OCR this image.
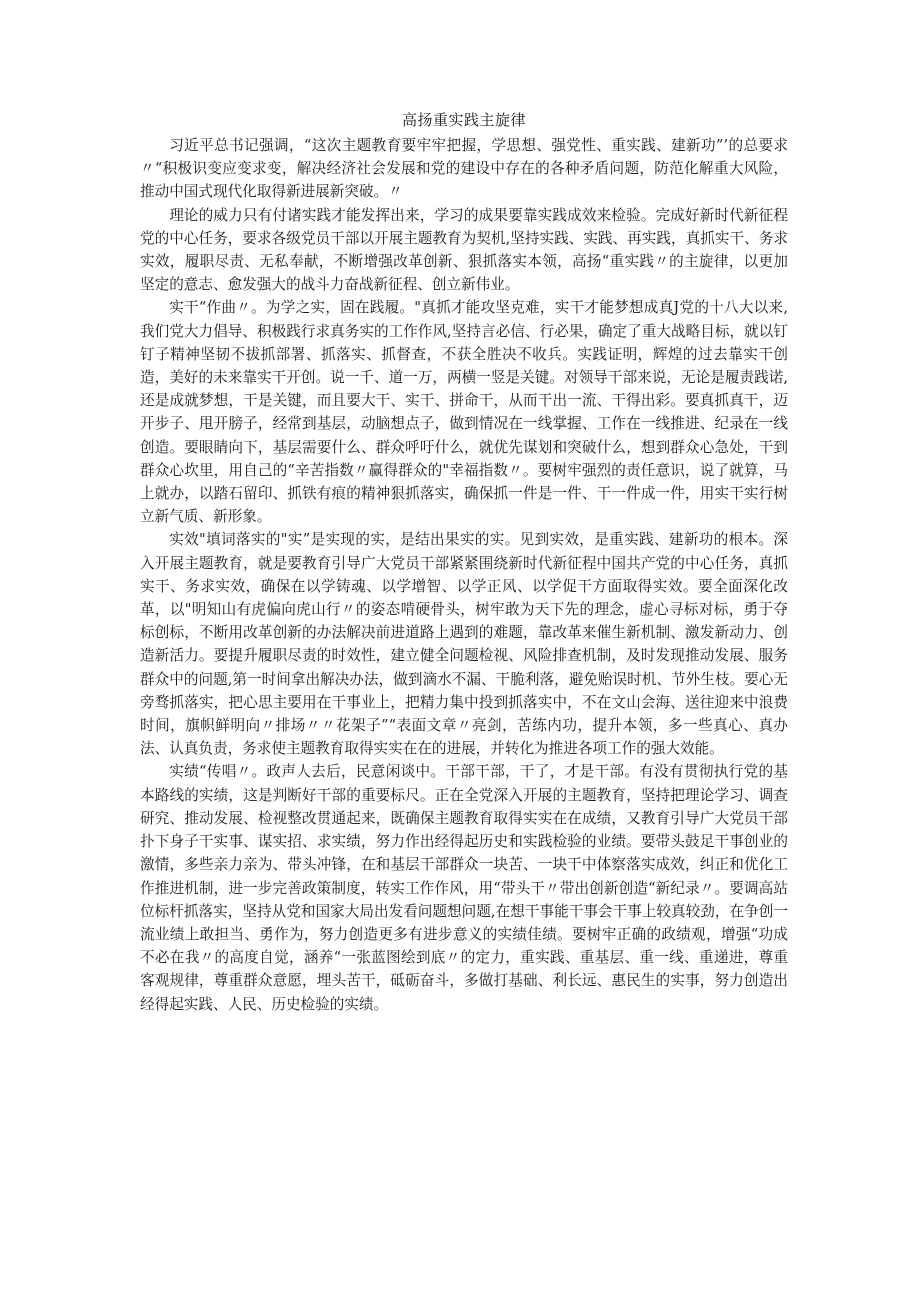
高扬重实践主旋律

习近平总书记强调，“这次主题教育要牢牢把握，学思想、强党性、重实践、建新功”’的总要求〃“积极识变应变求变，解决经济社会发展和党的建设中存在的各种矛盾问题，防范化解重大风险，推动中国式现代化取得新进展新突破。〃

理论的威力只有付诸实践才能发挥出来，学习的成果要靠实践成效来检验。完成好新时代新征程党的中心任务，要求各级党员干部以开展主题教育为契机,坚持实践、实践、再实践，真抓实干、务求实效，履职尽责、无私奉献，不断增强改革创新、狠抓落实本领，高扬“重实践〃的主旋律，以更加坚定的意志、愈发强大的战斗力奋战新征程、创立新伟业。

实干“作曲〃。为学之实，固在践履。"真抓才能攻坚克难，实干才能梦想成真J党的十八大以来,我们党大力倡导、积极践行求真务实的工作作风,坚持言必信、行必果，确定了重大战略目标，就以钉钉子精神坚韧不拔抓部署、抓落实、抓督查，不获全胜决不收兵。实践证明，辉煌的过去靠实干创造，美好的未来靠实干开创。说一千、道一万，两横一竖是关键。对领导干部来说，无论是履责践诺,还是成就梦想，干是关键，而且要大干、实干、拼命干，从而干出一流、干得出彩。要真抓真干，迈开步子、甩开膀子，经常到基层，动脑想点子，做到情况在一线掌握、工作在一线推进、纪录在一线创造。要眼睛向下，基层需要什么、群众呼吁什么，就优先谋划和突破什么，想到群众心急处，干到群众心坎里，用自己的“辛苦指数〃赢得群众的"幸福指数〃。要树牢强烈的责任意识，说了就算，马上就办，以踏石留印、抓铁有痕的精神狠抓落实，确保抓一件是一件、干一件成一件，用实干实行树立新气质、新形象。

实效"填词落实的"实”是实现的实，是结出果实的实。见到实效，是重实践、建新功的根本。深入开展主题教育，就是要教育引导广大党员干部紧紧围绕新时代新征程中国共产党的中心任务，真抓实干、务求实效，确保在以学铸魂、以学增智、以学正风、以学促干方面取得实效。要全面深化改革，以"明知山有虎偏向虎山行〃的姿态啃硬骨头，树牢敢为天下先的理念，虚心寻标对标，勇于夺标创标，不断用改革创新的办法解决前进道路上遇到的难题，靠改革来催生新机制、激发新动力、创造新活力。要提升履职尽责的时效性，建立健全问题检视、风险排查机制，及时发现推动发展、服务群众中的问题,第一时间拿出解决办法，做到滴水不漏、干脆利落，避免贻误时机、节外生枝。要心无旁骛抓落实，把心思主要用在干事业上，把精力集中投到抓落实中，不在文山会海、送往迎来中浪费时间，旗帜鲜明向〃排场〃〃花架子”“表面文章〃亮剑，苦练内功，提升本领，多一些真心、真办法、认真负责，务求使主题教育取得实实在在的进展，并转化为推进各项工作的强大效能。

实绩“传唱〃。政声人去后，民意闲谈中。干部干部，干了，才是干部。有没有贯彻执行党的基本路线的实绩，这是判断好干部的重要标尺。正在全党深入开展的主题教育，坚持把理论学习、调查研究、推动发展、检视整改贯通起来，既确保主题教育取得实实在在成绩，又教育引导广大党员干部扑下身子干实事、谋实招、求实绩，努力作出经得起历史和实践检验的业绩。要带头鼓足干事创业的激情，多些亲力亲为、带头冲锋，在和基层干部群众一块苦、一块干中体察落实成效，纠正和优化工作推进机制，进一步完善政策制度，转实工作作风，用“带头干〃带出创新创造“新纪录〃。要调高站位标杆抓落实，坚持从党和国家大局出发看问题想问题,在想干事能干事会干事上较真较劲，在争创一流业绩上敢担当、勇作为，努力创造更多有进步意义的实绩佳绩。要树牢正确的政绩观，增强“功成不必在我〃的高度自觉，涵养“一张蓝图绘到底〃的定力，重实践、重基层、重一线、重递进，尊重客观规律，尊重群众意愿，埋头苦干，砥砺奋斗，多做打基础、利长远、惠民生的实事，努力创造出经得起实践、人民、历史检验的实绩。
